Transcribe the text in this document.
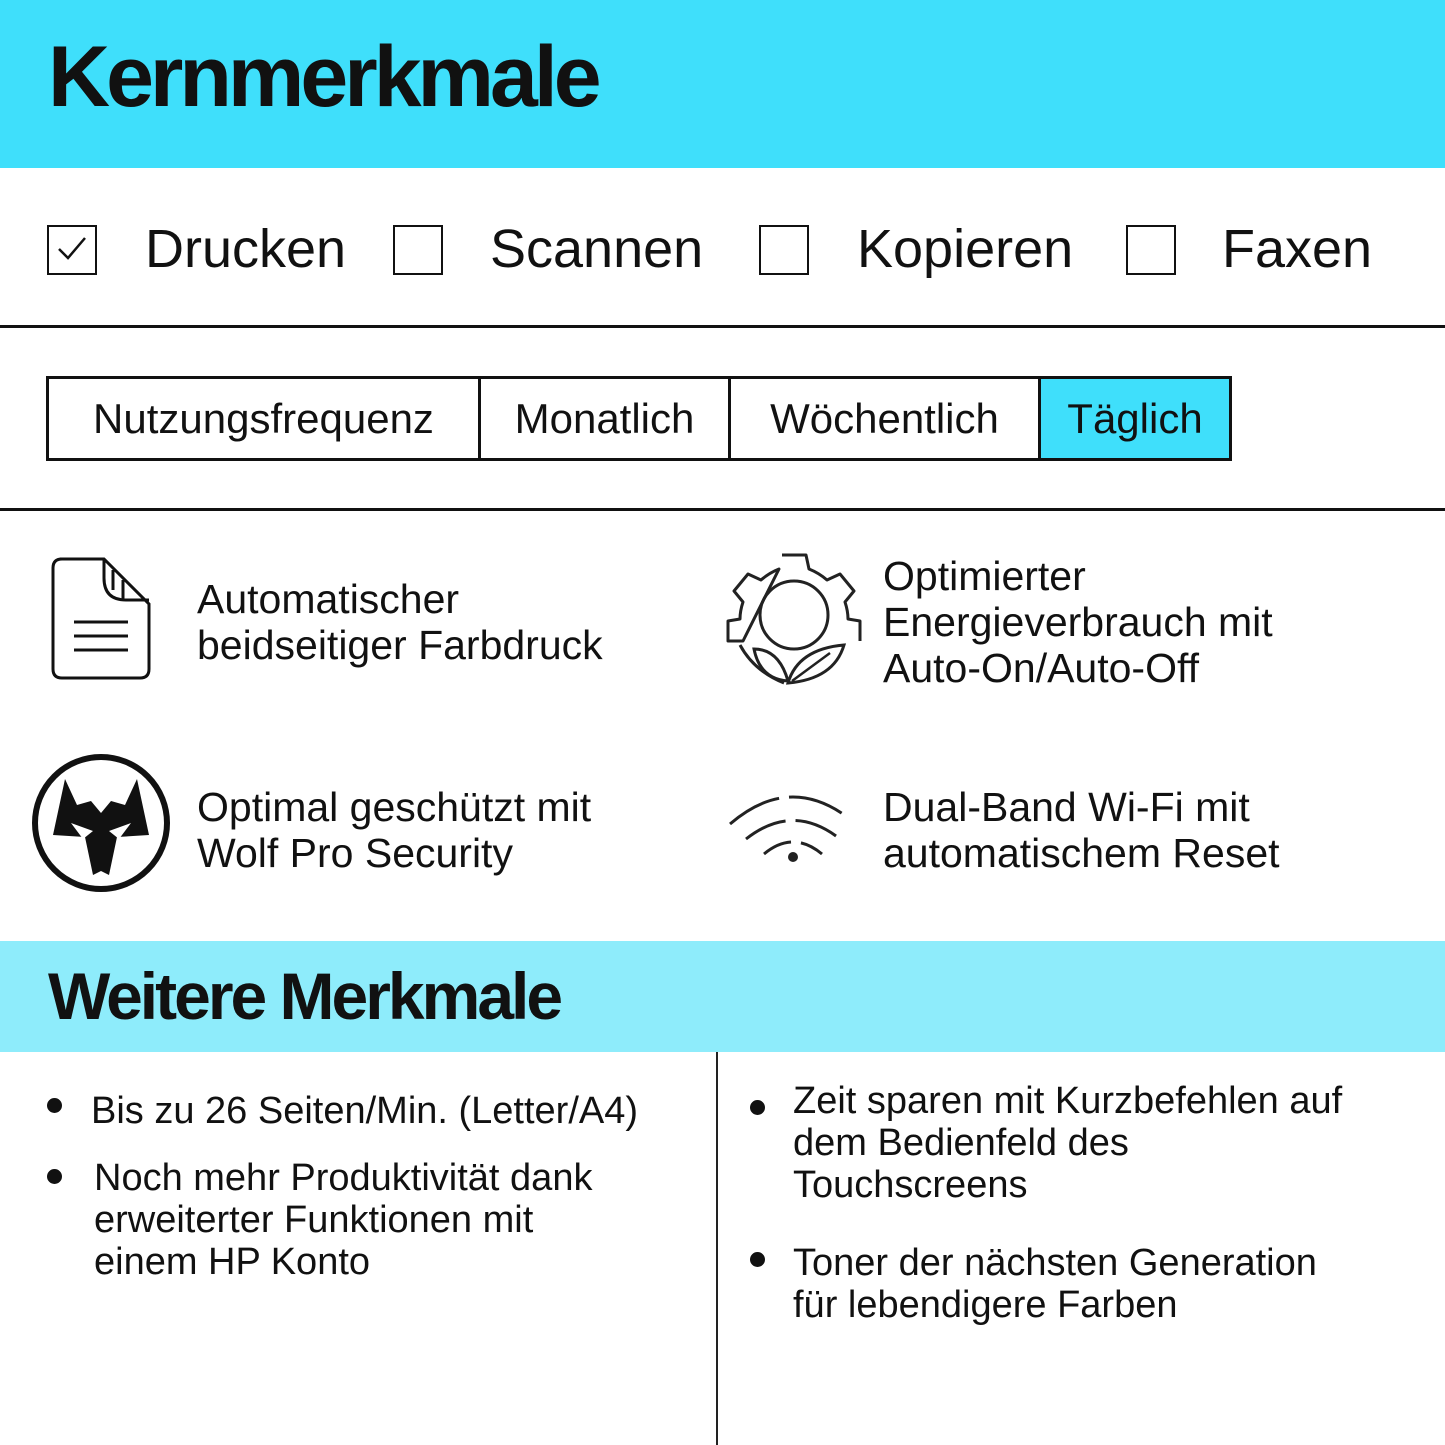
Kernmerkmale
Drucken	Scannen	Kopieren	Faxen
Nutzungsfrequenz	Monatlich	Wöchentlich	Täglich
Automatischer
beidseitiger Farbdruck
Optimierter
Energieverbrauch mit
Auto-On/Auto-Off
Optimal geschützt mit
Wolf Pro Security
Dual-Band Wi-Fi mit
automatischem Reset
Weitere Merkmale
Bis zu 26 Seiten/Min. (Letter/A4)
Noch mehr Produktivität dank
erweiterter Funktionen mit
einem HP Konto
Zeit sparen mit Kurzbefehlen auf
dem Bedienfeld des
Touchscreens
Toner der nächsten Generation
für lebendigere Farben
